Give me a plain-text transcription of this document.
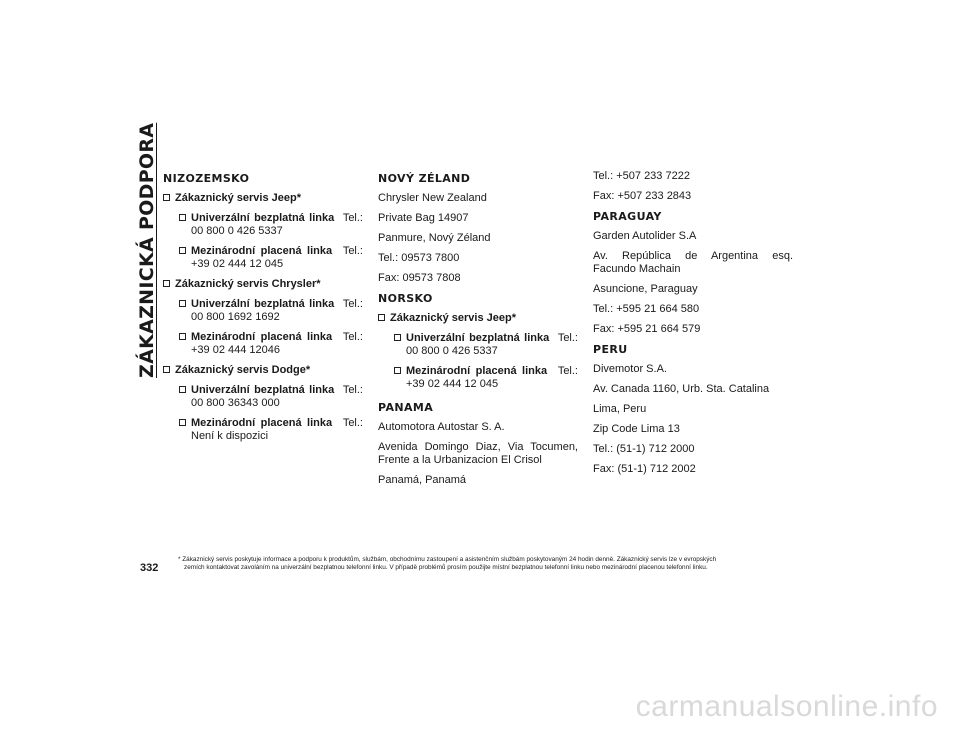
ZÁKAZNICKÁ PODPORA NIZOZEMSKO
Zákaznický servis Jeep*
Univerzální bezplatná linka Tel.: 00 800 0 426 5337
Mezinárodní placená linka Tel.: +39 02 444 12 045
Zákaznický servis Chrysler*
Univerzální bezplatná linka Tel.: 00 800 1692 1692
Mezinárodní placená linka Tel.: +39 02 444 12046
Zákaznický servis Dodge*
Univerzální bezplatná linka Tel.: 00 800 36343 000
Mezinárodní placená linka Tel.: Není k dispozici
NOVÝ ZÉLAND
Chrysler New Zealand
Private Bag 14907
Panmure, Nový Zéland
Tel.: 09573 7800
Fax: 09573 7808
NORSKO
Zákaznický servis Jeep*
Univerzální bezplatná linka Tel.: 00 800 0 426 5337
Mezinárodní placená linka Tel.: +39 02 444 12 045
PANAMA
Automotora Autostar S. A.
Avenida Domingo Diaz, Via Tocumen, Frente a la Urbanizacion El Crisol
Panamá, Panamá
Tel.: +507 233 7222
Fax: +507 233 2843
PARAGUAY
Garden Autolider S.A
Av. República de Argentina esq. Facundo Machain
Asuncione, Paraguay
Tel.: +595 21 664 580
Fax: +595 21 664 579
PERU
Divemotor S.A.
Av. Canada 1160, Urb. Sta. Catalina
Lima, Peru
Zip Code Lima 13
Tel.: (51-1) 712 2000
Fax: (51-1) 712 2002
332
* Zákaznický servis poskytuje informace a podporu k produktům, službám, obchodnímu zastoupení a asistenčním službám poskytovaným 24 hodin denně. Zákaznický servis lze v evropských
zemích kontaktovat zavoláním na univerzální bezplatnou telefonní linku. V případě problémů prosím použijte místní bezplatnou telefonní linku nebo mezinárodní placenou telefonní linku.
carmanualsonline.info
